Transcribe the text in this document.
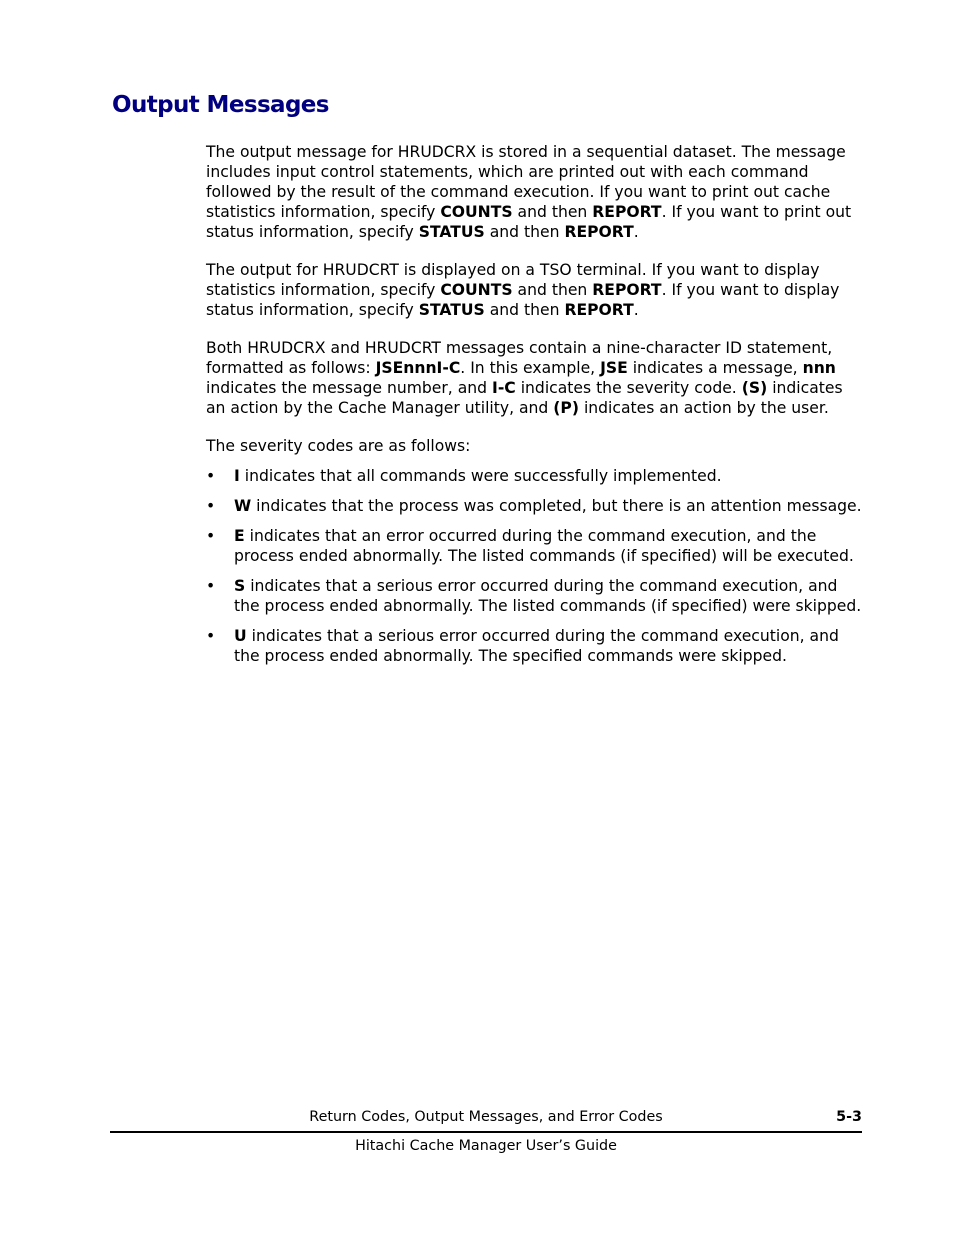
Output Messages

The output message for HRUDCRX is stored in a sequential dataset. The message includes input control statements, which are printed out with each command followed by the result of the command execution. If you want to print out cache statistics information, specify COUNTS and then REPORT. If you want to print out status information, specify STATUS and then REPORT.

The output for HRUDCRT is displayed on a TSO terminal. If you want to display statistics information, specify COUNTS and then REPORT. If you want to display status information, specify STATUS and then REPORT.

Both HRUDCRX and HRUDCRT messages contain a nine-character ID statement, formatted as follows: JSEnnnI-C. In this example, JSE indicates a message, nnn indicates the message number, and I-C indicates the severity code. (S) indicates an action by the Cache Manager utility, and (P) indicates an action by the user.

The severity codes are as follows:

• I indicates that all commands were successfully implemented.
• W indicates that the process was completed, but there is an attention message.
• E indicates that an error occurred during the command execution, and the process ended abnormally. The listed commands (if specified) will be executed.
• S indicates that a serious error occurred during the command execution, and the process ended abnormally. The listed commands (if specified) were skipped.
• U indicates that a serious error occurred during the command execution, and the process ended abnormally. The specified commands were skipped.
Return Codes, Output Messages, and Error Codes	5-3
Hitachi Cache Manager User’s Guide
